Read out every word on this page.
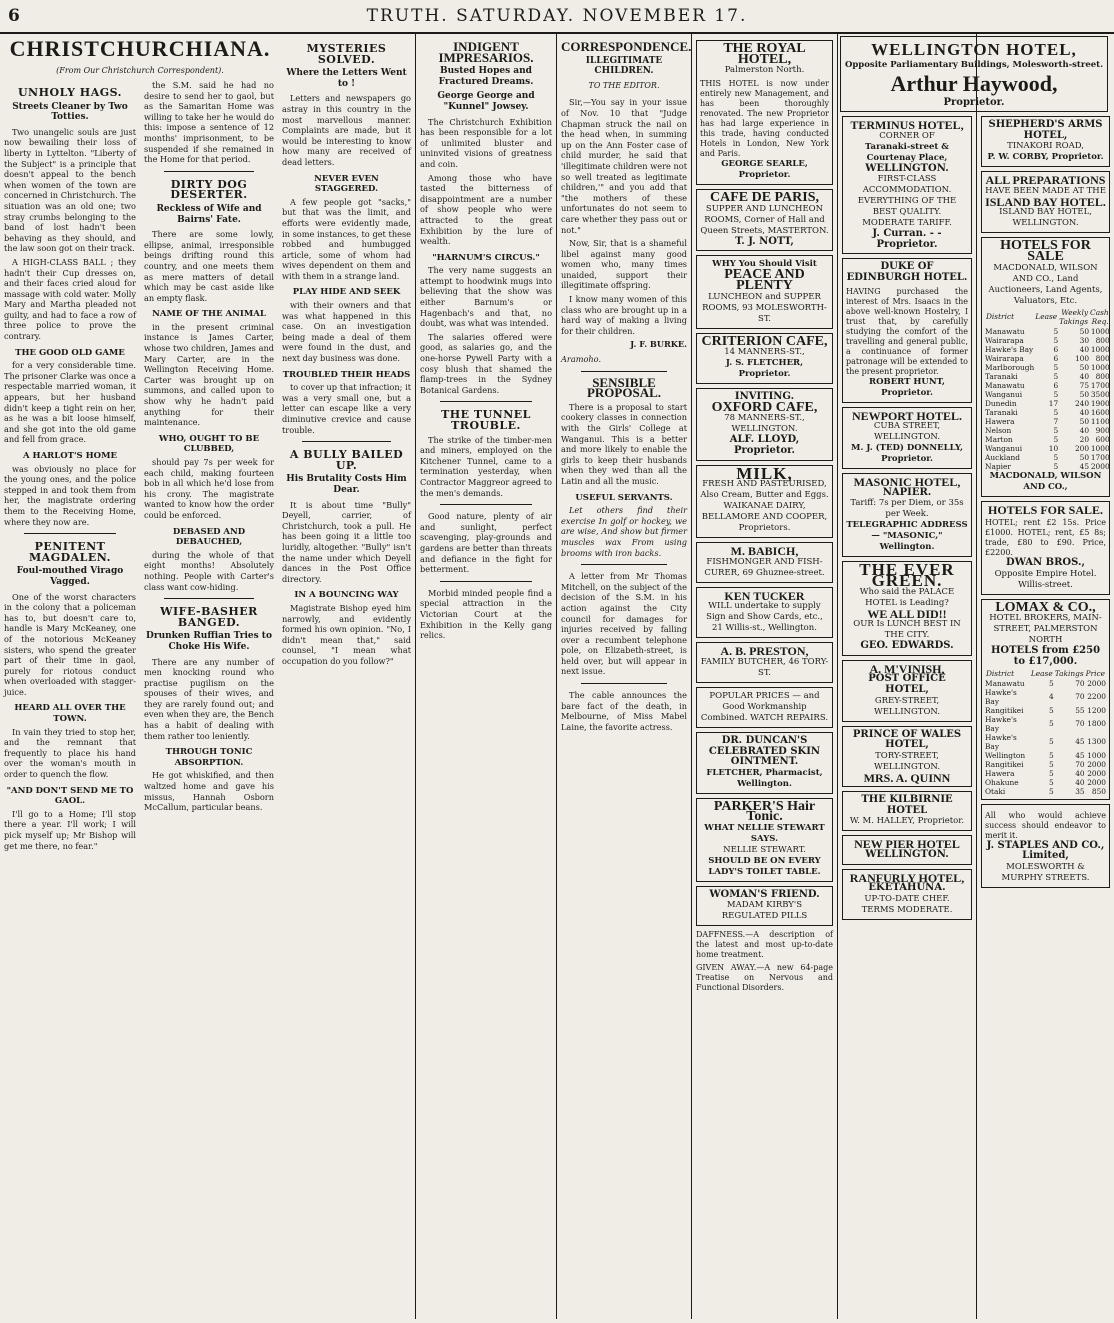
6	TRUTH. SATURDAY. NOVEMBER 17.
CHRISTCHURCHIANA.
(From Our Christchurch Correspondent).
UNHOLY HAGS.
Streets Cleaner by Two Totties.

Two unangelic souls are just now bewailing their loss of liberty in Lyttelton. "Liberty of the Subject" is a principle that doesn't appeal to the bench when women of the town are concerned in Christchurch. The situation was an old one; two stray crumbs belonging to the band of lost hadn't been behaving as they should, and the law soon got on their track.

A HIGH-CLASS BALL ; they hadn't their Cup dresses on, and their faces cried aloud for massage with cold water. Molly Mary and Martha pleaded not guilty, and had to face a row of three police to prove the contrary.

THE GOOD OLD GAME

for a very considerable time. The prisoner Clarke was once a respectable married woman, it appears, but her husband didn't keep a tight rein on her, as he was a bit loose himself, and she got into the old game and fell from grace.

A HARLOT'S HOME

was obviously no place for the young ones, and the police stepped in and took them from her, the magistrate ordering them to the Receiving Home, where they now are.

PENITENT MAGDALEN.
Foul-mouthed Virago Vagged.

One of the worst characters in the colony that a policeman has to, but doesn't care to, handle is Mary McKeaney, one of the notorious McKeaney sisters, who spend the greater part of their time in gaol, purely for riotous conduct when overloaded with stagger-juice.

HEARD ALL OVER THE TOWN.

In vain they tried to stop her, and the remnant that frequently to place his hand over the woman's mouth in order to quench the flow.

"AND DON'T SEND ME TO GAOL.

I'll go to a Home; I'll stop there a year. I'll work; I will pick myself up; Mr Bishop will get me there, no fear."

the S.M. said he had no desire to send her to gaol, but as the Samaritan Home was willing to take her he would do this: impose a sentence of 12 months' imprisonment, to be suspended if she remained in the Home for that period.

DIRTY DOG DESERTER.
Reckless of Wife and Bairns' Fate.

There are some lowly, ellipse, animal, irresponsible beings drifting round this country, and one meets them as mere matters of detail which may be cast aside like an empty flask.

NAME OF THE ANIMAL

in the present criminal instance is James Carter, whose two children, James and Mary Carter, are in the Wellington Receiving Home. Carter was brought up on summons, and called upon to show why he hadn't paid anything for their maintenance.

WHO, OUGHT TO BE CLUBBED,

should pay 7s per week for each child, making fourteen bob in all which he'd lose from his crony. The magistrate wanted to know how the order could be enforced.

DEBASED AND DEBAUCHED,

during the whole of that eight months! Absolutely nothing. People with Carter's class want cow-hiding.

WIFE-BASHER BANGED.
Drunken Ruffian Tries to Choke His Wife.

There are any number of men knocking round who practise pugilism on the spouses of their wives, and they are rarely found out; and even when they are, the Bench has a habit of dealing with them rather too leniently.

THROUGH TONIC ABSORPTION.

He got whiskified, and then waltzed home and gave his missus, Hannah Osborn McCallum, particular beans.

MYSTERIES SOLVED.
Where the Letters Went to !

Letters and newspapers go astray in this country in the most marvellous manner. Complaints are made, but it would be interesting to know how many are received of dead letters.

NEVER EVEN STAGGERED.

A few people got "sacks," but that was the limit, and efforts were evidently made, in some instances, to get these robbed and humbugged article, some of whom had wives dependent on them and with them in a strange land.

PLAY HIDE AND SEEK

with their owners and that was what happened in this case. On an investigation being made a deal of them were found in the dust, and next day business was done.

TROUBLED THEIR HEADS

to cover up that infraction; it was a very small one, but a letter can escape like a very diminutive crevice and cause trouble.

A BULLY BAILED UP.
His Brutality Costs Him Dear.

It is about time "Bully" Deyell, carrier, of Christchurch, took a pull. He has been going it a little too luridly, altogether. "Bully" isn't the name under which Deyell dances in the Post Office directory.

IN A BOUNCING WAY

Magistrate Bishop eyed him narrowly, and evidently formed his own opinion. "No, I didn't mean that," said counsel, "I mean what occupation do you follow?"

INDIGENT IMPRESARIOS.
Busted Hopes and Fractured Dreams.
George George and "Kunnel" Jowsey.

The Christchurch Exhibition has been responsible for a lot of unlimited bluster and uninvited visions of greatness and coin.

Among those who have tasted the bitterness of disappointment are a number of show people who were attracted to the great Exhibition by the lure of wealth.

"HARNUM'S CIRCUS."

The very name suggests an attempt to hoodwink mugs into believing that the show was either Barnum's or Hagenbach's and that, no doubt, was what was intended.

The salaries offered were good, as salaries go, and the one-horse Pywell Party with a cosy blush that shamed the flamp-trees in the Sydney Botanical Gardens.

THE TUNNEL TROUBLE.

The strike of the timber-men and miners, employed on the Kitchener Tunnel, came to a termination yesterday, when Contractor Maggreor agreed to the men's demands.

Good nature, plenty of air and sunlight, perfect scavenging, play-grounds and gardens are better than threats and defiance in the fight for betterment.

Morbid minded people find a special attraction in the Victorian Court at the Exhibition in the Kelly gang relics.

CORRESPONDENCE.
ILLEGITIMATE CHILDREN.
TO THE EDITOR.

Sir,—You say in your issue of Nov. 10 that "Judge Chapman struck the nail on the head when, in summing up on the Ann Foster case of child murder, he said that 'illegitimate children were not so well treated as legitimate children,'" and you add that "the mothers of these unfortunates do not seem to care whether they pass out or not."

Now, Sir, that is a shameful libel against many good women who, many times unaided, support their illegitimate offspring.

I know many women of this class who are brought up in a hard way of making a living for their children.

J. F. BURKE.
Aramoho.
SENSIBLE PROPOSAL.

There is a proposal to start cookery classes in connection with the Girls' College at Wanganui. This is a better and more likely to enable the girls to keep their husbands when they wed than all the Latin and all the music.

USEFUL SERVANTS.

Let others find their exercise In golf or hockey, we are wise, And show but firmer muscles wax From using brooms with iron backs.

A letter from Mr Thomas Mitchell, on the subject of the decision of the S.M. in his action against the City council for damages for injuries received by falling over a recumbent telephone pole, on Elizabeth-street, is held over, but will appear in next issue.

The cable announces the bare fact of the death, in Melbourne, of Miss Mabel Laine, the favorite actress.

THE ROYAL HOTEL,
Palmerston North.
THIS HOTEL is now under entirely new Management, and has been thoroughly renovated. The new Proprietor has had large experience in this trade, having conducted Hotels in London, New York and Paris.
GEORGE SEARLE, Proprietor.
CAFE DE PARIS,
SUPPER AND LUNCHEON ROOMS, Corner of Hall and Queen Streets, MASTERTON.
T. J. NOTT,
WHY You Should Visit
PEACE AND PLENTY
LUNCHEON and SUPPER ROOMS, 93 MOLESWORTH-ST.
CRITERION CAFE,
14 MANNERS-ST.,
J. S. FLETCHER, Proprietor.
INVITING.
OXFORD CAFE,
78 MANNERS-ST., WELLINGTON.
ALF. LLOYD, Proprietor.
MILK,
FRESH AND PASTEURISED, Also Cream, Butter and Eggs. WAIKANAE DAIRY, BELLAMORE AND COOPER, Proprietors.
M. BABICH,
FISHMONGER AND FISH-CURER, 69 Ghuznee-street.
KEN TUCKER
WILL undertake to supply Sign and Show Cards, etc., 21 Willis-st., Wellington.
A. B. PRESTON,
FAMILY BUTCHER, 46 TORY-ST.
POPULAR PRICES — and Good Workmanship Combined. WATCH REPAIRS.
DR. DUNCAN'S CELEBRATED SKIN OINTMENT.
FLETCHER, Pharmacist, Wellington.
PARKER'S Hair Tonic.
WHAT NELLIE STEWART SAYS.
NELLIE STEWART.
SHOULD BE ON EVERY LADY'S TOILET TABLE.
WOMAN'S FRIEND.
MADAM KIRBY'S REGULATED PILLS
DAFFNESS.—A description of the latest and most up-to-date home treatment.
GIVEN AWAY.—A new 64-page Treatise on Nervous and Functional Disorders.
WELLINGTON HOTEL,
Opposite Parliamentary Buildings, Molesworth-street.
Arthur Haywood,
Proprietor.
TERMINUS HOTEL,
CORNER OF
Taranaki-street & Courtenay Place,
WELLINGTON.
FIRST-CLASS ACCOMMODATION.
EVERYTHING OF THE BEST QUALITY.
MODERATE TARIFF.
J. Curran. - - Proprietor.
DUKE OF EDINBURGH HOTEL.
HAVING purchased the interest of Mrs. Isaacs in the above well-known Hostelry, I trust that, by carefully studying the comfort of the travelling and general public, a continuance of former patronage will be extended to the present proprietor.
ROBERT HUNT, Proprietor.
NEWPORT HOTEL.
CUBA STREET, WELLINGTON.
M. J. (TED) DONNELLY, Proprietor.
MASONIC HOTEL,
NAPIER.
Tariff: 7s per Diem, or 35s per Week.
TELEGRAPHIC ADDRESS — "MASONIC," Wellington.
THE EVER GREEN.
Who said the PALACE HOTEL is Leading?
WE ALL DID!!
OUR Is LUNCH BEST IN THE CITY.
GEO. EDWARDS.
A. M'VINISH,
POST OFFICE HOTEL,
GREY-STREET, WELLINGTON.
PRINCE OF WALES HOTEL,
TORY-STREET, WELLINGTON.
MRS. A. QUINN
THE KILBIRNIE HOTEL
W. M. HALLEY, Proprietor.
NEW PIER HOTEL
WELLINGTON.
RANFURLY HOTEL,
EKETAHUNA.
UP-TO-DATE CHEF.
TERMS MODERATE.
SHEPHERD'S ARMS HOTEL,
TINAKORI ROAD,
P. W. CORBY, Proprietor.
ALL PREPARATIONS
HAVE BEEN MADE AT THE
ISLAND BAY HOTEL.
ISLAND BAY HOTEL, WELLINGTON.
HOTELS FOR SALE
MACDONALD, WILSON AND CO., Land Auctioneers, Land Agents, Valuators, Etc.
District	Lease	Weekly Takings	Cash Req.
Manawatu	5	50	1000
Wairarapa	5	30	800
Hawke's Bay	6	40	1000
Wairarapa	6	100	800
Marlborough	5	50	1000
Taranaki	5	40	800
Manawatu	6	75	1700
Wanganui	5	50	3500
Dunedin	17	240	1900
Taranaki	5	40	1600
Hawera	7	50	1100
Nelson	5	40	900
Marton	5	20	600
Wanganui	10	200	1000
Auckland	5	50	1700
Napier	5	45	2000
MACDONALD, WILSON AND CO.,
HOTELS FOR SALE.
HOTEL; rent £2 15s. Price £1000. HOTEL; rent, £5 8s; trade, £80 to £90. Price, £2200.
DWAN BROS.,
Opposite Empire Hotel. Willis-street.
LOMAX & CO.,
HOTEL BROKERS, MAIN-STREET, PALMERSTON NORTH
HOTELS from £250 to £17,000.
District	Lease	Takings	Price
Manawatu	5	70	2000
Hawke's Bay	4	70	2200
Rangitikei	5	55	1200
Hawke's Bay	5	70	1800
Hawke's Bay	5	45	1300
Wellington	5	45	1000
Rangitikei	5	70	2000
Hawera	5	40	2000
Ohakune	5	40	2000
Otaki	5	35	850
All who would achieve success should endeavor to merit it.
J. STAPLES AND CO., Limited,
MOLESWORTH & MURPHY STREETS.
